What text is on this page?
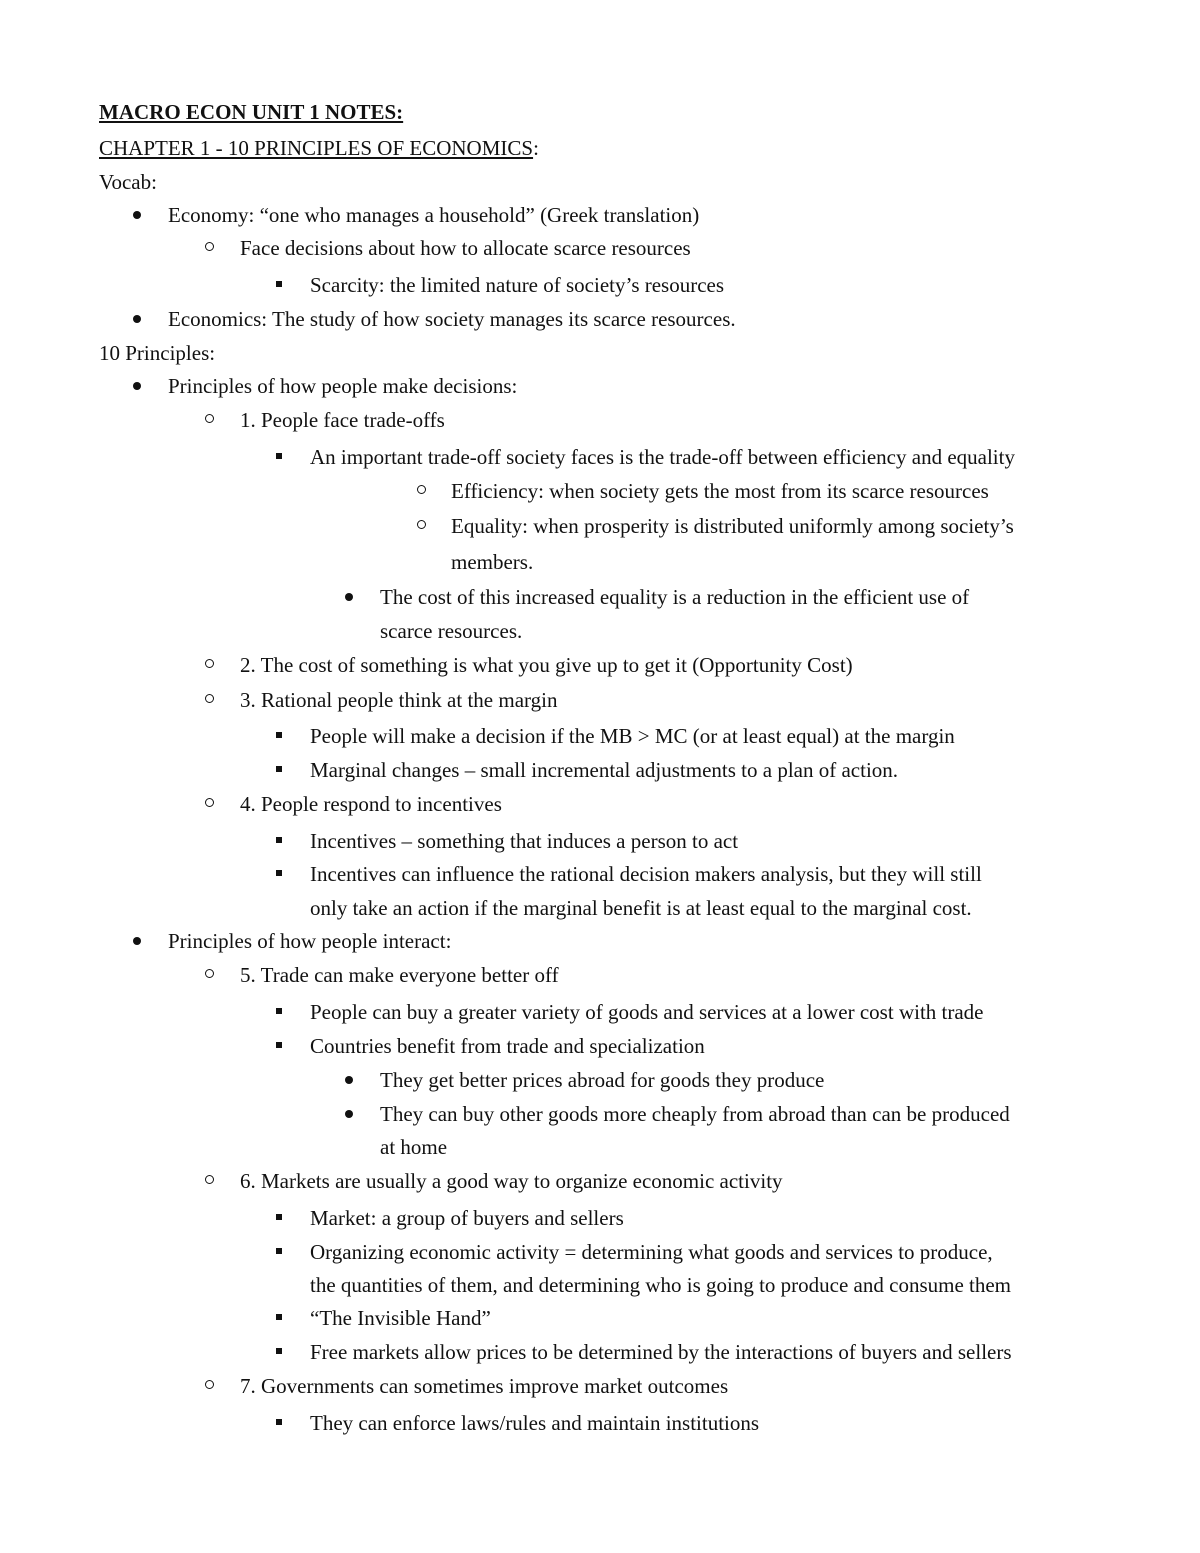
MACRO ECON UNIT 1 NOTES:
CHAPTER 1 - 10 PRINCIPLES OF ECONOMICS:
Vocab:
Economy: “one who manages a household” (Greek translation)
Face decisions about how to allocate scarce resources
Scarcity: the limited nature of society’s resources
Economics: The study of how society manages its scarce resources.
10 Principles:
Principles of how people make decisions:
1. People face trade-offs
An important trade-off society faces is the trade-off between efficiency and equality
Efficiency: when society gets the most from its scarce resources
Equality: when prosperity is distributed uniformly among society’s
members.
The cost of this increased equality is a reduction in the efficient use of
scarce resources.
2. The cost of something is what you give up to get it (Opportunity Cost)
3. Rational people think at the margin
People will make a decision if the MB > MC (or at least equal) at the margin
Marginal changes – small incremental adjustments to a plan of action.
4. People respond to incentives
Incentives – something that induces a person to act
Incentives can influence the rational decision makers analysis, but they will still
only take an action if the marginal benefit is at least equal to the marginal cost.
Principles of how people interact:
5. Trade can make everyone better off
People can buy a greater variety of goods and services at a lower cost with trade
Countries benefit from trade and specialization
They get better prices abroad for goods they produce
They can buy other goods more cheaply from abroad than can be produced
at home
6. Markets are usually a good way to organize economic activity
Market: a group of buyers and sellers
Organizing economic activity = determining what goods and services to produce,
the quantities of them, and determining who is going to produce and consume them
“The Invisible Hand”
Free markets allow prices to be determined by the interactions of buyers and sellers
7. Governments can sometimes improve market outcomes
They can enforce laws/rules and maintain institutions
